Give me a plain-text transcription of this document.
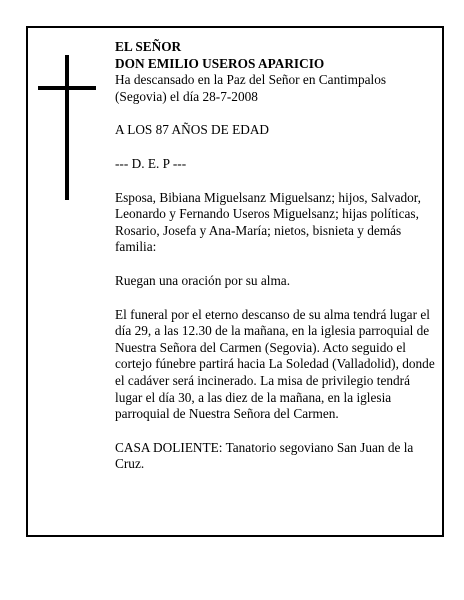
EL SEÑOR

DON EMILIO USEROS APARICIO

Ha descansado en la Paz del Señor en Cantimpalos (Segovia) el día 28-7-2008

A LOS 87 AÑOS DE EDAD

--- D. E. P ---

Esposa, Bibiana Miguelsanz Miguelsanz; hijos, Salvador, Leonardo y Fernando Useros Miguelsanz; hijas políticas, Rosario, Josefa y Ana-María; nietos, bisnieta y demás familia:

Ruegan una oración por su alma.

El funeral por el eterno descanso de su alma tendrá lugar el día 29, a las 12.30 de la mañana, en la iglesia parroquial de Nuestra Señora del Carmen (Segovia). Acto seguido el cortejo fúnebre partirá hacia La Soledad (Valladolid), donde el cadáver será incinerado. La misa de privilegio tendrá lugar el día 30, a las diez de la mañana, en la iglesia parroquial de Nuestra Señora del Carmen.

CASA DOLIENTE: Tanatorio segoviano San Juan de la Cruz.
